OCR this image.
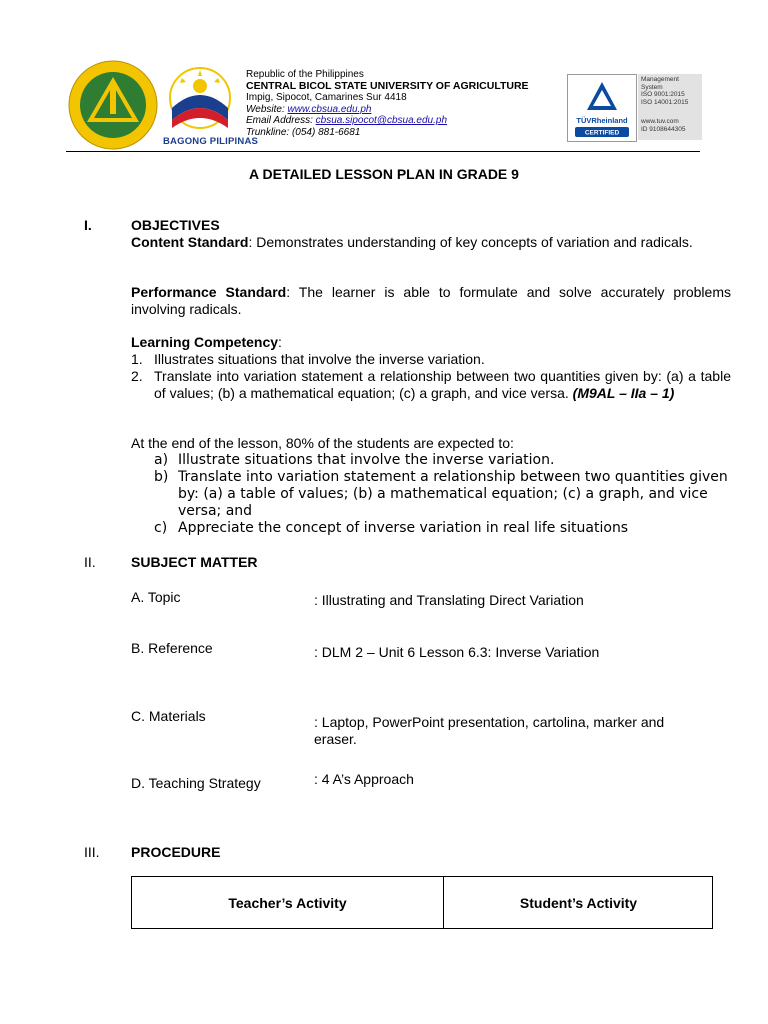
BAGONG PILIPINAS
Republic of the Philippines
CENTRAL BICOL STATE UNIVERSITY OF AGRICULTURE
Impig, Sipocot, Camarines Sur 4418
Website: www.cbsua.edu.ph
Email Address: cbsua.sipocot@cbsua.edu.ph
Trunkline: (054) 881-6681
TÜVRheinland
CERTIFIED
Management
System
ISO 9001:2015
ISO 14001:2015
www.tuv.com
ID 9108644305
A DETAILED LESSON PLAN IN GRADE 9
I.	OBJECTIVES
Content Standard: Demonstrates understanding of key concepts of variation and radicals.
Performance Standard: The learner is able to formulate and solve accurately problems involving radicals.
Learning Competency:
1. Illustrates situations that involve the inverse variation.
2. Translate into variation statement a relationship between two quantities given by: (a) a table of values; (b) a mathematical equation; (c) a graph, and vice versa. (M9AL – IIa – 1)
At the end of the lesson, 80% of the students are expected to:
a) Illustrate situations that involve the inverse variation.
b) Translate into variation statement a relationship between two quantities given by: (a) a table of values; (b) a mathematical equation; (c) a graph, and vice versa; and
c) Appreciate the concept of inverse variation in real life situations
II.	SUBJECT MATTER
A. Topic	: Illustrating and Translating Direct Variation
B. Reference	: DLM 2 – Unit 6 Lesson 6.3: Inverse Variation
C. Materials	: Laptop, PowerPoint presentation, cartolina, marker and eraser.
D. Teaching Strategy	: 4 A’s Approach
III. PROCEDURE
Teacher’s Activity	Student’s Activity
